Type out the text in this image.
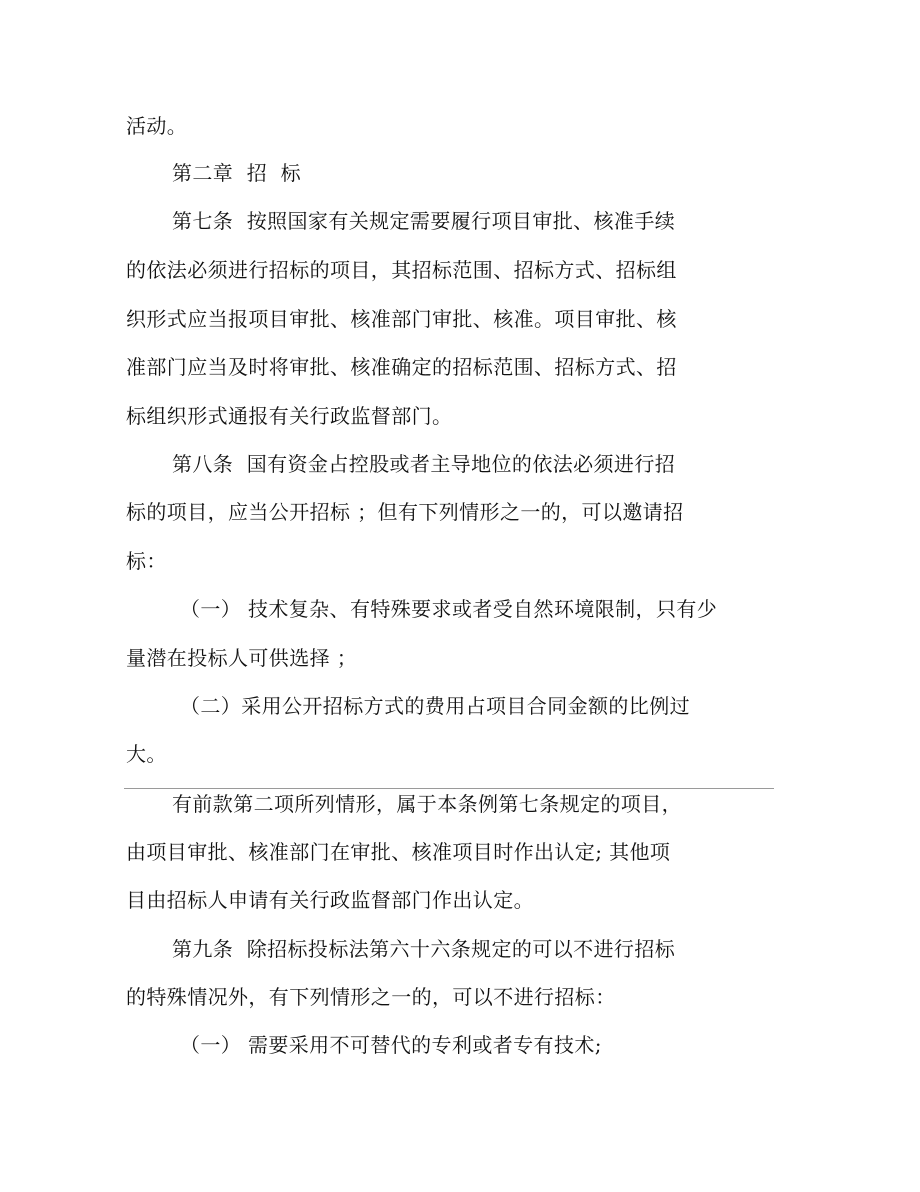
活动。
第二章  招  标
第七条  按照国家有关规定需要履行项目审批、核准手续
的依法必须进行招标的项目，其招标范围、招标方式、招标组
织形式应当报项目审批、核准部门审批、核准。项目审批、核
准部门应当及时将审批、核准确定的招标范围、招标方式、招
标组织形式通报有关行政监督部门。
第八条  国有资金占控股或者主导地位的依法必须进行招
标的项目，应当公开招标 ；但有下列情形之一的，可以邀请招
标：
（一） 技术复杂、有特殊要求或者受自然环境限制，只有少
量潜在投标人可供选择 ；
（二）采用公开招标方式的费用占项目合同金额的比例过
大。
有前款第二项所列情形，属于本条例第七条规定的项目，
由项目审批、核准部门在审批、核准项目时作出认定; 其他项
目由招标人申请有关行政监督部门作出认定。
第九条  除招标投标法第六十六条规定的可以不进行招标
的特殊情况外，有下列情形之一的，可以不进行招标：
（一） 需要采用不可替代的专利或者专有技术;
